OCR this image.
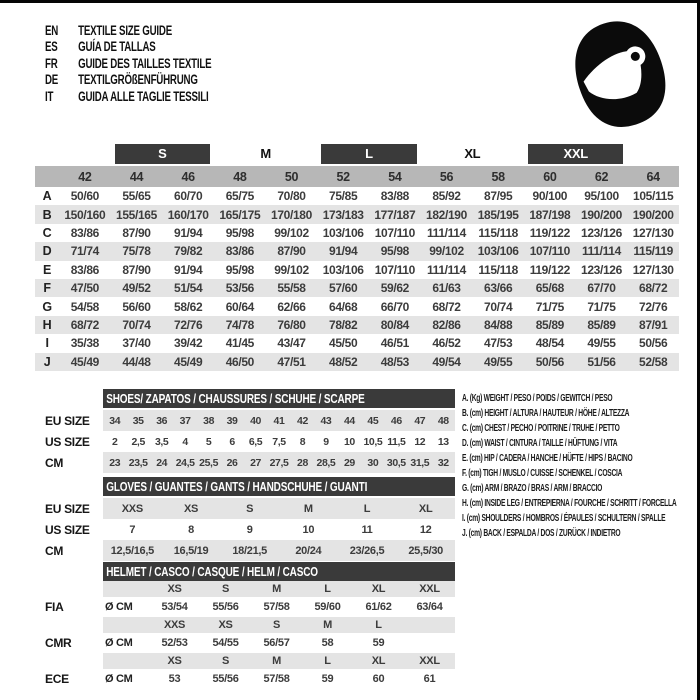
EN	TEXTILE SIZE GUIDE
ES	GUÍA DE TALLAS
FR	GUIDE DES TAILLES TEXTILE
DE	TEXTILGRÖßENFÜHRUNG
IT	GUIDA ALLE TAGLIE TESSILI
S	M	L	XL	XXL
42	44	46	48	50	52	54	56	58	60	62	64
A	50/60	55/65	60/70	65/75	70/80	75/85	83/88	85/92	87/95	90/100	95/100	105/115
B	150/160 155/165 160/170 165/175 170/180 173/183 177/187 182/190 185/195 187/198 190/200 190/200
C	83/86	87/90	91/94	95/98	99/102	103/106 107/110	111/114	115/118 119/122 123/126 127/130
D	71/74	75/78	79/82	83/86	87/90	91/94	95/98	99/102	103/106 107/110	111/114	115/119
E	83/86	87/90	91/94	95/98	99/102	103/106 107/110	111/114	115/118 119/122 123/126 127/130
F	47/50	49/52	51/54	53/56	55/58	57/60	59/62	61/63	63/66	65/68	67/70	68/72
G	54/58	56/60	58/62	60/64	62/66	64/68	66/70	68/72	70/74	71/75	71/75	72/76
H	68/72	70/74	72/76	74/78	76/80	78/82	80/84	82/86	84/88	85/89	85/89	87/91
I	35/38	37/40	39/42	41/45	43/47	45/50	46/51	46/52	47/53	48/54	49/55	50/56
J	45/49	44/48	45/49	46/50	47/51	48/52	48/53	49/54	49/55	50/56	51/56	52/58
SHOES/ ZAPATOS / CHAUSSURES / SCHUHE / SCARPE
EU SIZE	34	35	36	37	38	39	40	41	42	43	44	45	46	47	48
US SIZE	2	2,5 3,5	4	5	6	6,5 7,5	8	9	10 10,5 11,5 12	13
CM	23 23,5 24 24,5 25,5 26	27 27,5 28 28,5 29	30 30,5 31,5 32
GLOVES / GUANTES / GANTS / HANDSCHUHE / GUANTI
EU SIZE	XXS	XS	S	M	L	XL
US SIZE	7	8	9	10	11	12
CM	12,5/16,5	16,5/19	18/21,5	20/24	23/26,5	25,5/30
HELMET / CASCO / CASQUE / HELM / CASCO
XS	S	M	L	XL	XXL
FIA	Ø CM	53/54	55/56	57/58	59/60	61/62	63/64
XXS	XS	S	M	L
CMR	Ø CM	52/53	54/55	56/57	58	59
XS	S	M	L	XL	XXL
ECE	Ø CM	53	55/56	57/58	59	60	61
A. (Kg) WEIGHT / PESO / POIDS / GEWITCH / PESO
B. (cm) HEIGHT / ALTURA / HAUTEUR / HÖHE / ALTEZZA
C. (cm) CHEST / PECHO / POITRINE / TRUHE / PETTO
D. (cm) WAIST / CINTURA / TAILLE / HÜFTUNG / VITA
E. (cm) HIP / CADERA / HANCHE / HÜFTE / HIPS / BACINO
F. (cm) TIGH / MUSLO / CUISSE / SCHENKEL / COSCIA
G. (cm) ARM / BRAZO / BRAS / ARM / BRACCIO
H. (cm) INSIDE LEG / ENTREPIERNA / FOURCHE / SCHRITT / FORCELLA
I. (cm) SHOULDERS / HOMBROS / ÉPAULES / SCHULTERN / SPALLE
J. (cm) BACK / ESPALDA / DOS / ZURÜCK / INDIETRO
